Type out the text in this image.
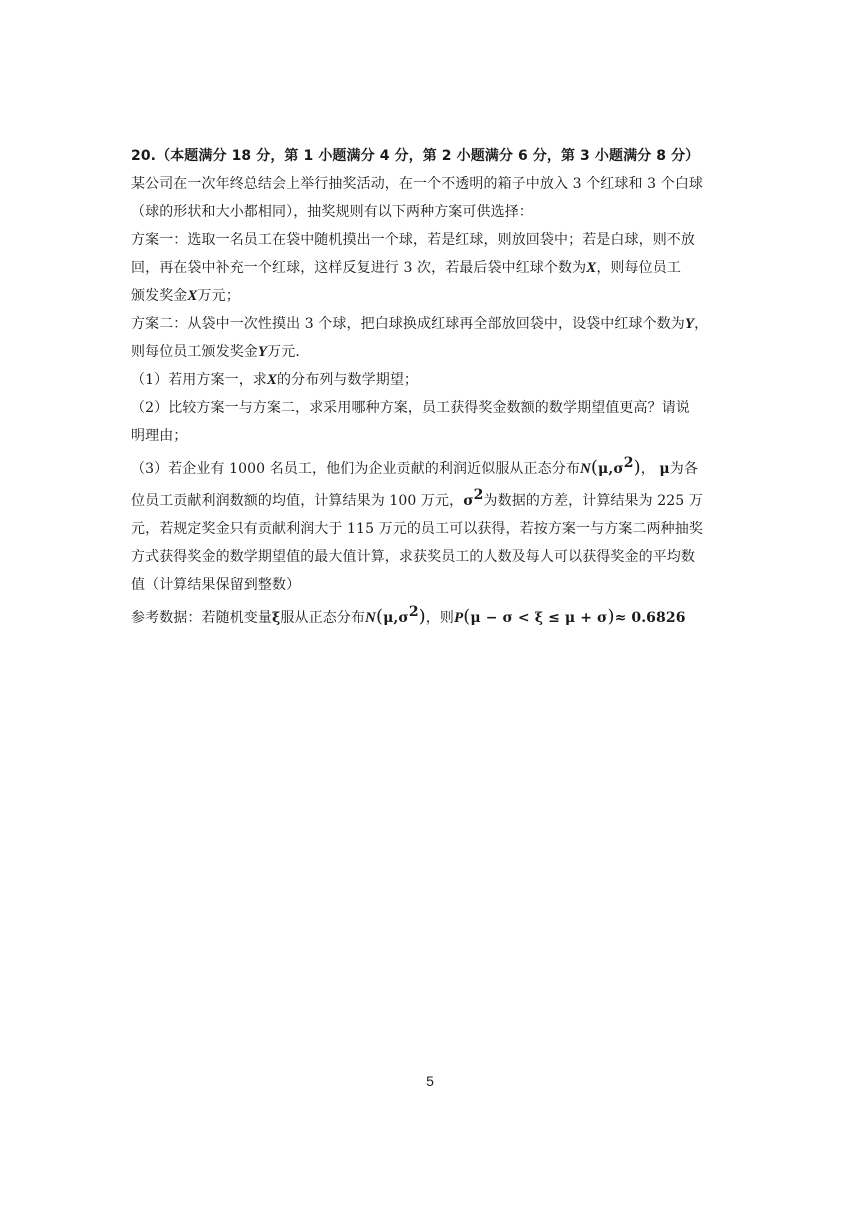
20.（本题满分 18 分，第 1 小题满分 4 分，第 2 小题满分 6 分，第 3 小题满分 8 分）
某公司在一次年终总结会上举行抽奖活动，在一个不透明的箱子中放入 3 个红球和 3 个白球
（球的形状和大小都相同），抽奖规则有以下两种方案可供选择：
方案一：选取一名员工在袋中随机摸出一个球，若是红球，则放回袋中；若是白球，则不放
回，再在袋中补充一个红球，这样反复进行 3 次，若最后袋中红球个数为X，则每位员工
颁发奖金X万元；
方案二：从袋中一次性摸出 3 个球，把白球换成红球再全部放回袋中，设袋中红球个数为Y，
则每位员工颁发奖金Y万元．
（1）若用方案一，求X的分布列与数学期望；
（2）比较方案一与方案二，求采用哪种方案，员工获得奖金数额的数学期望值更高？请说
明理由；
（3）若企业有 1000 名员工，他们为企业贡献的利润近似服从正态分布$N(\mu,\sigma^2)$， μ为各
位员工贡献利润数额的均值，计算结果为 100 万元，$\sigma^2$为数据的方差，计算结果为 225 万
元，若规定奖金只有贡献利润大于 115 万元的员工可以获得，若按方案一与方案二两种抽奖
方式获得奖金的数学期望值的最大值计算，求获奖员工的人数及每人可以获得奖金的平均数
值（计算结果保留到整数）
参考数据：若随机变量ξ服从正态分布$N(\mu,\sigma^2)$，则P(μ − σ < ξ ≤ μ + σ)≈ 0.6826
5
